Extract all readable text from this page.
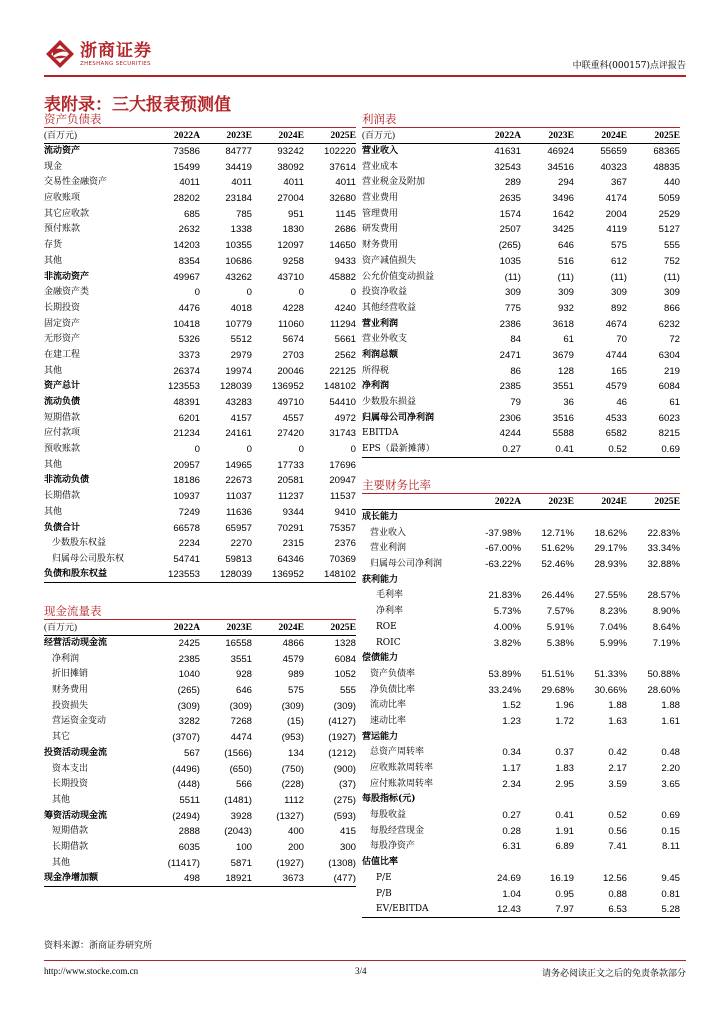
浙商证券
ZHESHANG SECURITIES	中联重科(000157)点评报告
表附录：三大报表预测值
资产负债表
(百万元)	2022A	2023E	2024E	2025E
流动资产	73586	84777	93242	102220
现金	15499	34419	38092	37614
交易性金融资产	4011	4011	4011	4011
应收账项	28202	23184	27004	32680
其它应收款	685	785	951	1145
预付账款	2632	1338	1830	2686
存货	14203	10355	12097	14650
其他	8354	10686	9258	9433
非流动资产	49967	43262	43710	45882
金融资产类	0	0	0	0
长期投资	4476	4018	4228	4240
固定资产	10418	10779	11060	11294
无形资产	5326	5512	5674	5661
在建工程	3373	2979	2703	2562
其他	26374	19974	20046	22125
资产总计	123553	128039	136952	148102
流动负债	48391	43283	49710	54410
短期借款	6201	4157	4557	4972
应付款项	21234	24161	27420	31743
预收账款	0	0	0	0
其他	20957	14965	17733	17696
非流动负债	18186	22673	20581	20947
长期借款	10937	11037	11237	11537
其他	7249	11636	9344	9410
负债合计	66578	65957	70291	75357
少数股东权益	2234	2270	2315	2376
归属母公司股东权	54741	59813	64346	70369
负债和股东权益	123553	128039	136952	148102
现金流量表
(百万元)	2022A	2023E	2024E	2025E
经营活动现金流	2425	16558	4866	1328
净利润	2385	3551	4579	6084
折旧摊销	1040	928	989	1052
财务费用	(265)	646	575	555
投资损失	(309)	(309)	(309)	(309)
营运资金变动	3282	7268	(15)	(4127)
其它	(3707)	4474	(953)	(1927)
投资活动现金流	567	(1566)	134	(1212)
资本支出	(4496)	(650)	(750)	(900)
长期投资	(448)	566	(228)	(37)
其他	5511	(1481)	1112	(275)
筹资活动现金流	(2494)	3928	(1327)	(593)
短期借款	2888	(2043)	400	415
长期借款	6035	100	200	300
其他	(11417)	5871	(1927)	(1308)
现金净增加额	498	18921	3673	(477)
利润表
(百万元)	2022A	2023E	2024E	2025E
营业收入	41631	46924	55659	68365
营业成本	32543	34516	40323	48835
营业税金及附加	289	294	367	440
营业费用	2635	3496	4174	5059
管理费用	1574	1642	2004	2529
研发费用	2507	3425	4119	5127
财务费用	(265)	646	575	555
资产减值损失	1035	516	612	752
公允价值变动损益	(11)	(11)	(11)	(11)
投资净收益	309	309	309	309
其他经营收益	775	932	892	866
营业利润	2386	3618	4674	6232
营业外收支	84	61	70	72
利润总额	2471	3679	4744	6304
所得税	86	128	165	219
净利润	2385	3551	4579	6084
少数股东损益	79	36	46	61
归属母公司净利润	2306	3516	4533	6023
EBITDA	4244	5588	6582	8215
EPS（最新摊薄）	0.27	0.41	0.52	0.69
主要财务比率
	2022A	2023E	2024E	2025E
成长能力				
营业收入	-37.98%	12.71%	18.62%	22.83%
营业利润	-67.00%	51.62%	29.17%	33.34%
归属母公司净利润	-63.22%	52.46%	28.93%	32.88%
获利能力				
毛利率	21.83%	26.44%	27.55%	28.57%
净利率	5.73%	7.57%	8.23%	8.90%
ROE	4.00%	5.91%	7.04%	8.64%
ROIC	3.82%	5.38%	5.99%	7.19%
偿债能力				
资产负债率	53.89%	51.51%	51.33%	50.88%
净负债比率	33.24%	29.68%	30.66%	28.60%
流动比率	1.52	1.96	1.88	1.88
速动比率	1.23	1.72	1.63	1.61
营运能力				
总资产周转率	0.34	0.37	0.42	0.48
应收账款周转率	1.17	1.83	2.17	2.20
应付账款周转率	2.34	2.95	3.59	3.65
每股指标(元)				
每股收益	0.27	0.41	0.52	0.69
每股经营现金	0.28	1.91	0.56	0.15
每股净资产	6.31	6.89	7.41	8.11
估值比率				
P/E	24.69	16.19	12.56	9.45
P/B	1.04	0.95	0.88	0.81
EV/EBITDA	12.43	7.97	6.53	5.28
资料来源：浙商证券研究所
http://www.stocke.com.cn	3/4	请务必阅读正文之后的免责条款部分
